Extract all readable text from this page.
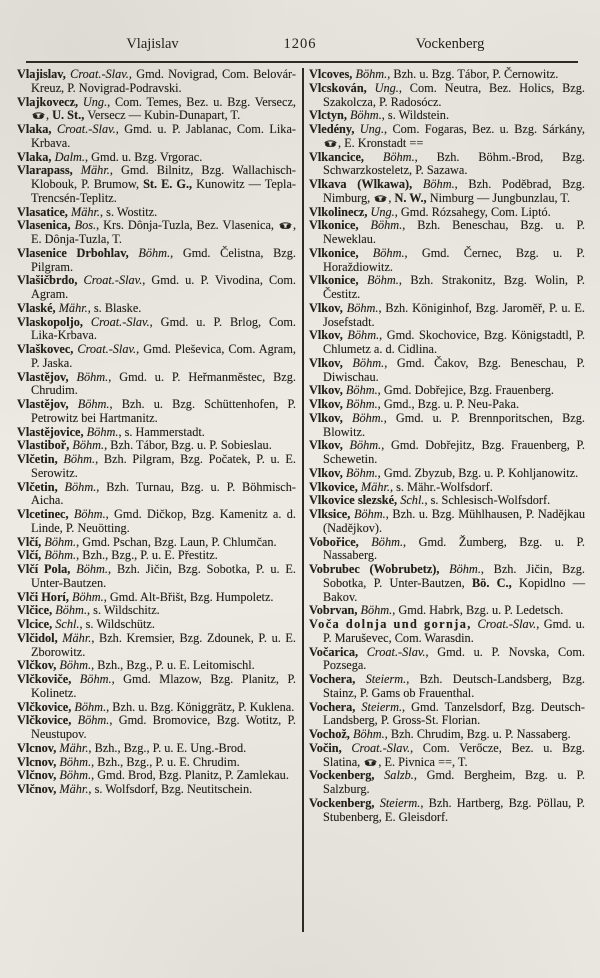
Vlajislav	1206	Vockenberg

Vlajislav, Croat.-Slav., Gmd. Novigrad, Com. Belovár-Kreuz, P. Novigrad-Podravski.

Vlajkovecz, Ung., Com. Temes, Bez. u. Bzg. Versecz,
, U. St., Versecz — Kubin-Dunapart, T.

Vlaka, Croat.-Slav., Gmd. u. P. Jablanac, Com. Lika-Krbava.

Vlaka, Dalm., Gmd. u. Bzg. Vrgorac.

Vlarapass, Mähr., Gmd. Bilnitz, Bzg. Wallachisch-Klobouk, P. Brumow, St. E. G., Kunowitz — Tepla-Trencsén-Teplitz.

Vlasatice, Mähr., s. Wostitz.

Vlasenica, Bos., Krs. Dônja-Tuzla, Bez. Vlasenica,
, E. Dônja-Tuzla, T.

Vlasenice Drbohlav, Böhm., Gmd. Čelistna, Bzg. Pilgram.

Vlašičbrdo, Croat.-Slav., Gmd. u. P. Vivodina, Com. Agram.

Vlaské, Mähr., s. Blaske.

Vlaskopoljo, Croat.-Slav., Gmd. u. P. Brlog, Com. Lika-Krbava.

Vlaškovec, Croat.-Slav., Gmd. Pleševica, Com. Agram, P. Jaska.

Vlastějov, Böhm., Gmd. u. P. Heřmanměstec, Bzg. Chrudim.

Vlastějov, Böhm., Bzh. u. Bzg. Schüttenhofen, P. Petrowitz bei Hartmanitz.

Vlastějovice, Böhm., s. Hammerstadt.

Vlastiboř, Böhm., Bzh. Tábor, Bzg. u. P. Sobieslau.

Vlčetin, Böhm., Bzh. Pilgram, Bzg. Počatek, P. u. E. Serowitz.

Vlčetin, Böhm., Bzh. Turnau, Bzg. u. P. Böhmisch-Aicha.

Vlcetinec, Böhm., Gmd. Dičkop, Bzg. Kamenitz a. d. Linde, P. Neuötting.

Vlčí, Böhm., Gmd. Pschan, Bzg. Laun, P. Chlumčan.

Vlčí, Böhm., Bzh., Bzg., P. u. E. Přestitz.

Vlčí Pola, Böhm., Bzh. Jičin, Bzg. Sobotka, P. u. E. Unter-Bautzen.

Vlči Horí, Böhm., Gmd. Alt-Břišt, Bzg. Humpoletz.

Vlčice, Böhm., s. Wildschitz.

Vlcice, Schl., s. Wildschütz.

Vlčidol, Mähr., Bzh. Kremsier, Bzg. Zdounek, P. u. E. Zborowitz.

Vlčkov, Böhm., Bzh., Bzg., P. u. E. Leitomischl.

Vlčkoviče, Böhm., Gmd. Mlazow, Bzg. Planitz, P. Kolinetz.

Vlčkovice, Böhm., Bzh. u. Bzg. Königgrätz, P. Kuklena.

Vlčkovice, Böhm., Gmd. Bromovice, Bzg. Wotitz, P. Neustupov.

Vlcnov, Mähr., Bzh., Bzg., P. u. E. Ung.-Brod.

Vlcnov, Böhm., Bzh., Bzg., P. u. E. Chrudim.

Vlčnov, Böhm., Gmd. Brod, Bzg. Planitz, P. Zamlekau.

Vlčnov, Mähr., s. Wolfsdorf, Bzg. Neutitschein.

Vlcoves, Böhm., Bzh. u. Bzg. Tábor, P. Černowitz.

Vlcskován, Ung., Com. Neutra, Bez. Holics, Bzg. Szakolcza, P. Radosócz.

Vlctyn, Böhm., s. Wildstein.

Vledény, Ung., Com. Fogaras, Bez. u. Bzg. Sárkány,
, E. Kronstadt ==

Vlkancice, Böhm., Bzh. Böhm.-Brod, Bzg. Schwarzkosteletz, P. Sazawa.

Vlkava (Wlkawa), Böhm., Bzh. Poděbrad, Bzg. Nimburg,
, N. W., Nimburg — Jungbunzlau, T.

Vlkolinecz, Ung., Gmd. Rózsahegy, Com. Liptó.

Vlkonice, Böhm., Bzh. Beneschau, Bzg. u. P. Neweklau.

Vlkonice, Böhm., Gmd. Černec, Bzg. u. P. Horaždiowitz.

Vlkonice, Böhm., Bzh. Strakonitz, Bzg. Wolin, P. Čestitz.

Vlkov, Böhm., Bzh. Königinhof, Bzg. Jaroměř, P. u. E. Josefstadt.

Vlkov, Böhm., Gmd. Skochovice, Bzg. Königstadtl, P. Chlumetz a. d. Cidlina.

Vlkov, Böhm., Gmd. Čakov, Bzg. Beneschau, P. Diwischau.

Vlkov, Böhm., Gmd. Dobřejice, Bzg. Frauenberg.

Vlkov, Böhm., Gmd., Bzg. u. P. Neu-Paka.

Vlkov, Böhm., Gmd. u. P. Brennporitschen, Bzg. Blowitz.

Vlkov, Böhm., Gmd. Dobřejitz, Bzg. Frauenberg, P. Schewetin.

Vlkov, Böhm., Gmd. Zbyzub, Bzg. u. P. Kohljanowitz.

Vlkovice, Mähr., s. Mähr.-Wolfsdorf.

Vlkovice slezské, Schl., s. Schlesisch-Wolfsdorf.

Vlksice, Böhm., Bzh. u. Bzg. Mühlhausen, P. Nadějkau (Nadějkov).

Vobořice, Böhm., Gmd. Žumberg, Bzg. u. P. Nassaberg.

Vobrubec (Wobrubetz), Böhm., Bzh. Jičin, Bzg. Sobotka, P. Unter-Bautzen, Bö. C., Kopidlno — Bakov.

Vobrvan, Böhm., Gmd. Habrk, Bzg. u. P. Ledetsch.

Voča dolnja und gornja, Croat.-Slav., Gmd. u. P. Maruševec, Com. Warasdin.

Vočarica, Croat.-Slav., Gmd. u. P. Novska, Com. Pozsega.

Vochera, Steierm., Bzh. Deutsch-Landsberg, Bzg. Stainz, P. Gams ob Frauenthal.

Vochera, Steierm., Gmd. Tanzelsdorf, Bzg. Deutsch-Landsberg, P. Gross-St. Florian.

Vochož, Böhm., Bzh. Chrudim, Bzg. u. P. Nassaberg.

Vočin, Croat.-Slav., Com. Verőcze, Bez. u. Bzg. Slatina,
, E. Pivnica ==, T.

Vockenberg, Salzb., Gmd. Bergheim, Bzg. u. P. Salzburg.

Vockenberg, Steierm., Bzh. Hartberg, Bzg. Pöllau, P. Stubenberg, E. Gleisdorf.
